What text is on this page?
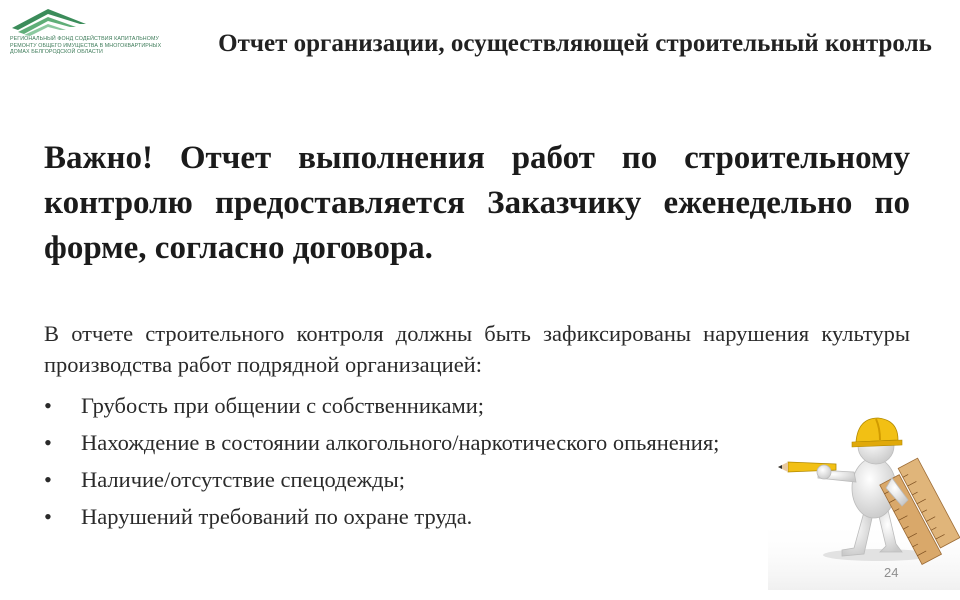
РЕГИОНАЛЬНЫЙ ФОНД СОДЕЙСТВИЯ КАПИТАЛЬНОМУ
РЕМОНТУ ОБЩЕГО ИМУЩЕСТВА В МНОГОКВАРТИРНЫХ
ДОМАХ БЕЛГОРОДСКОЙ ОБЛАСТИ	Отчет организации, осуществляющей строительный контроль
Важно! Отчет выполнения работ по строительному контролю предоставляется Заказчику еженедельно по форме, согласно договора.
В отчете строительного контроля должны быть зафиксированы нарушения культуры производства работ подрядной организацией:
• Грубость при общении с собственниками;
• Нахождение в состоянии алкогольного/наркотического опьянения;
• Наличие/отсутствие спецодежды;
• Нарушений требований по охране труда.
24
